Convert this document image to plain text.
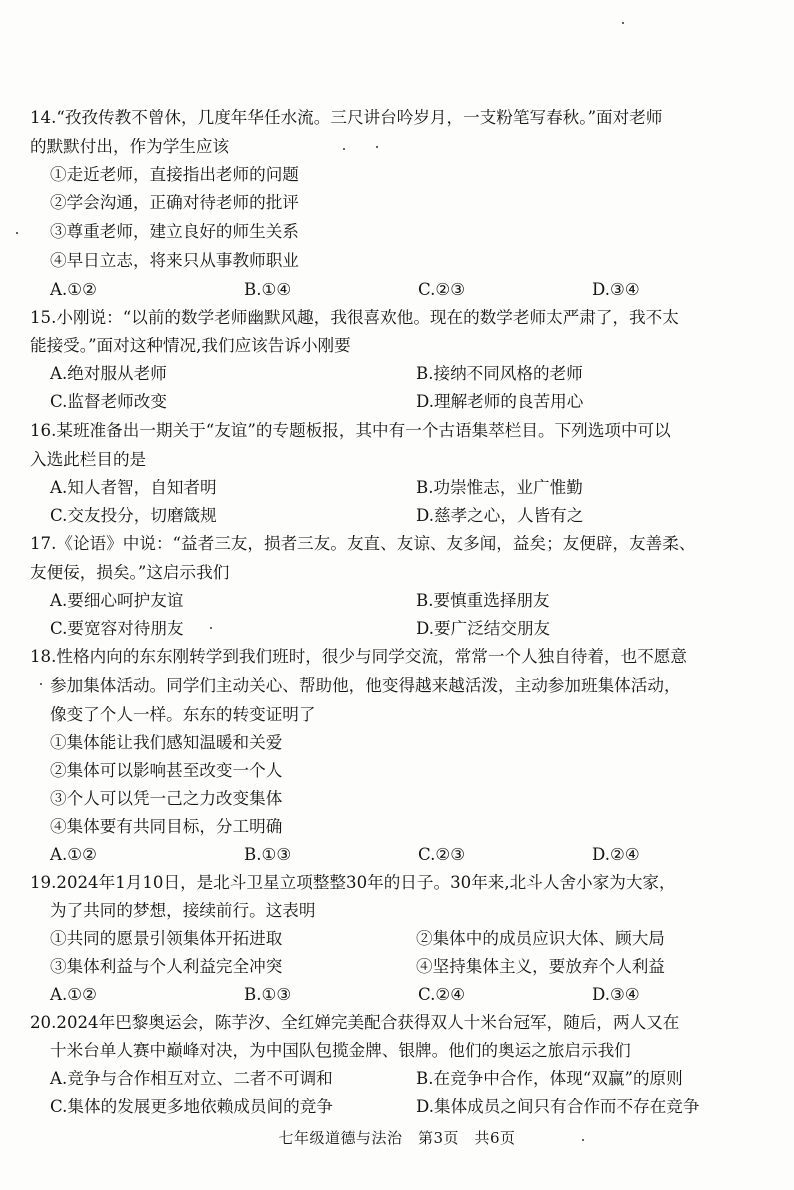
14.“孜孜传教不曾休，几度年华任水流。三尺讲台吟岁月，一支粉笔写春秋。”面对老师
的默默付出，作为学生应该
①走近老师，直接指出老师的问题
②学会沟通，正确对待老师的批评
③尊重老师，建立良好的师生关系
④早日立志，将来只从事教师职业
A.①②	B.①④	C.②③	D.③④
15.小刚说：“以前的数学老师幽默风趣，我很喜欢他。现在的数学老师太严肃了，我不太
能接受。”面对这种情况,我们应该告诉小刚要
A.绝对服从老师	B.接纳不同风格的老师
C.监督老师改变	D.理解老师的良苦用心
16.某班准备出一期关于“友谊”的专题板报，其中有一个古语集萃栏目。下列选项中可以
入选此栏目的是
A.知人者智，自知者明	B.功崇惟志，业广惟勤
C.交友投分，切磨箴规	D.慈孝之心，人皆有之
17.《论语》中说：“益者三友，损者三友。友直、友谅、友多闻，益矣；友便辟，友善柔、
友便佞，损矣。”这启示我们
A.要细心呵护友谊	B.要慎重选择朋友
C.要宽容对待朋友	D.要广泛结交朋友
18.性格内向的东东刚转学到我们班时，很少与同学交流，常常一个人独自待着，也不愿意
参加集体活动。同学们主动关心、帮助他，他变得越来越活泼，主动参加班集体活动，
像变了个人一样。东东的转变证明了
①集体能让我们感知温暖和关爱
②集体可以影响甚至改变一个人
③个人可以凭一己之力改变集体
④集体要有共同目标，分工明确
A.①②	B.①③	C.②③	D.②④
19.2024年1月10日，是北斗卫星立项整整30年的日子。30年来,北斗人舍小家为大家，
为了共同的梦想，接续前行。这表明
①共同的愿景引领集体开拓进取	②集体中的成员应识大体、顾大局
③集体利益与个人利益完全冲突	④坚持集体主义，要放弃个人利益
A.①②	B.①③	C.②④	D.③④
20.2024年巴黎奥运会，陈芋汐、全红婵完美配合获得双人十米台冠军，随后，两人又在
十米台单人赛中巅峰对决，为中国队包揽金牌、银牌。他们的奥运之旅启示我们
A.竞争与合作相互对立、二者不可调和	B.在竞争中合作，体现“双赢”的原则
C.集体的发展更多地依赖成员间的竞争	D.集体成员之间只有合作而不存在竞争
七年级道德与法治　第3页　共6页
